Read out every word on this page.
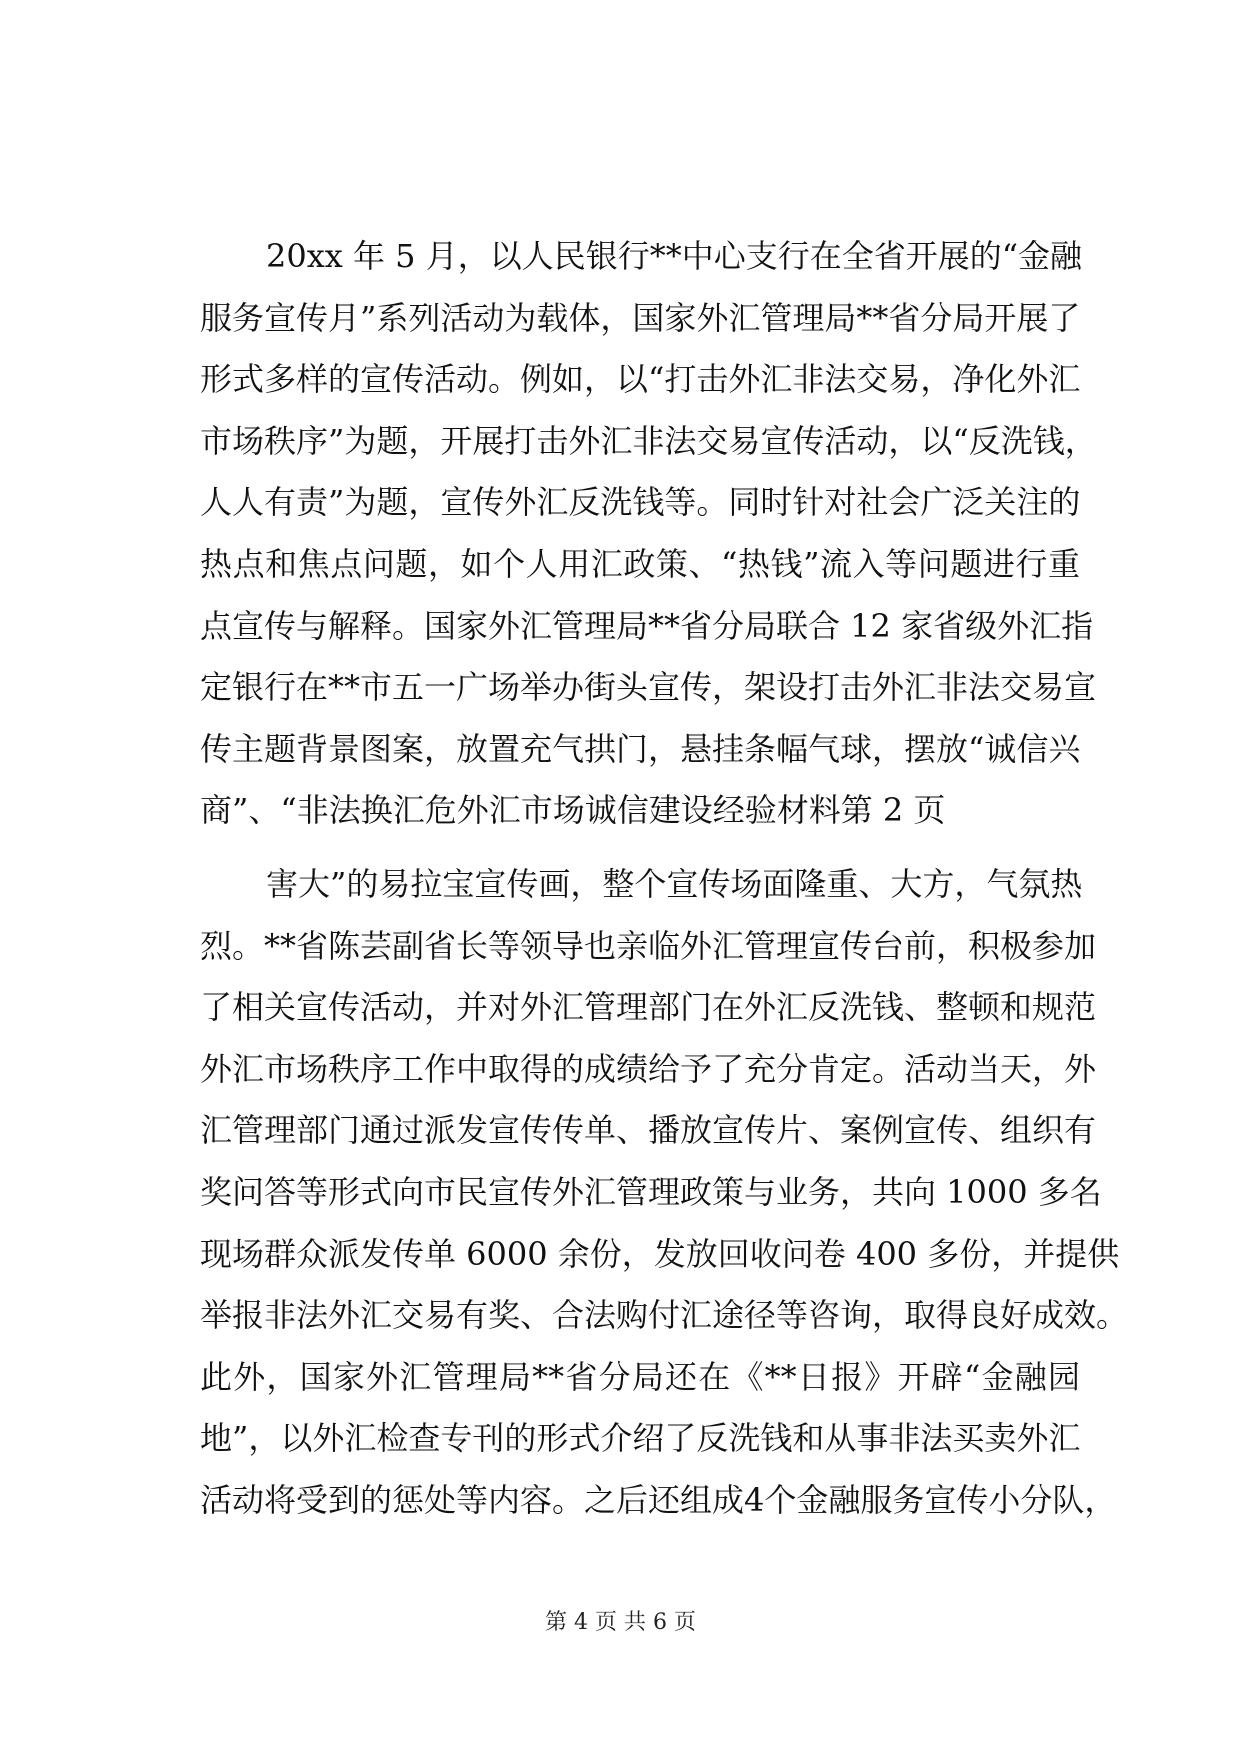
20xx 年 5 月，以人民银行**中心支行在全省开展的“金融
服务宣传月”系列活动为载体，国家外汇管理局**省分局开展了
形式多样的宣传活动。例如，以“打击外汇非法交易，净化外汇
市场秩序”为题，开展打击外汇非法交易宣传活动，以“反洗钱，
人人有责”为题，宣传外汇反洗钱等。同时针对社会广泛关注的
热点和焦点问题，如个人用汇政策、“热钱”流入等问题进行重
点宣传与解释。国家外汇管理局**省分局联合 12 家省级外汇指
定银行在**市五一广场举办街头宣传，架设打击外汇非法交易宣
传主题背景图案，放置充气拱门，悬挂条幅气球，摆放“诚信兴
商”、“非法换汇危外汇市场诚信建设经验材料第 2 页
害大”的易拉宝宣传画，整个宣传场面隆重、大方，气氛热
烈。**省陈芸副省长等领导也亲临外汇管理宣传台前，积极参加
了相关宣传活动，并对外汇管理部门在外汇反洗钱、整顿和规范
外汇市场秩序工作中取得的成绩给予了充分肯定。活动当天，外
汇管理部门通过派发宣传传单、播放宣传片、案例宣传、组织有
奖问答等形式向市民宣传外汇管理政策与业务，共向 1000 多名
现场群众派发传单 6000 余份，发放回收问卷 400 多份，并提供
举报非法外汇交易有奖、合法购付汇途径等咨询，取得良好成效。
此外，国家外汇管理局**省分局还在《**日报》开辟“金融园
地”，以外汇检查专刊的形式介绍了反洗钱和从事非法买卖外汇
活动将受到的惩处等内容。之后还组成4个金融服务宣传小分队，
第 4 页 共 6 页
